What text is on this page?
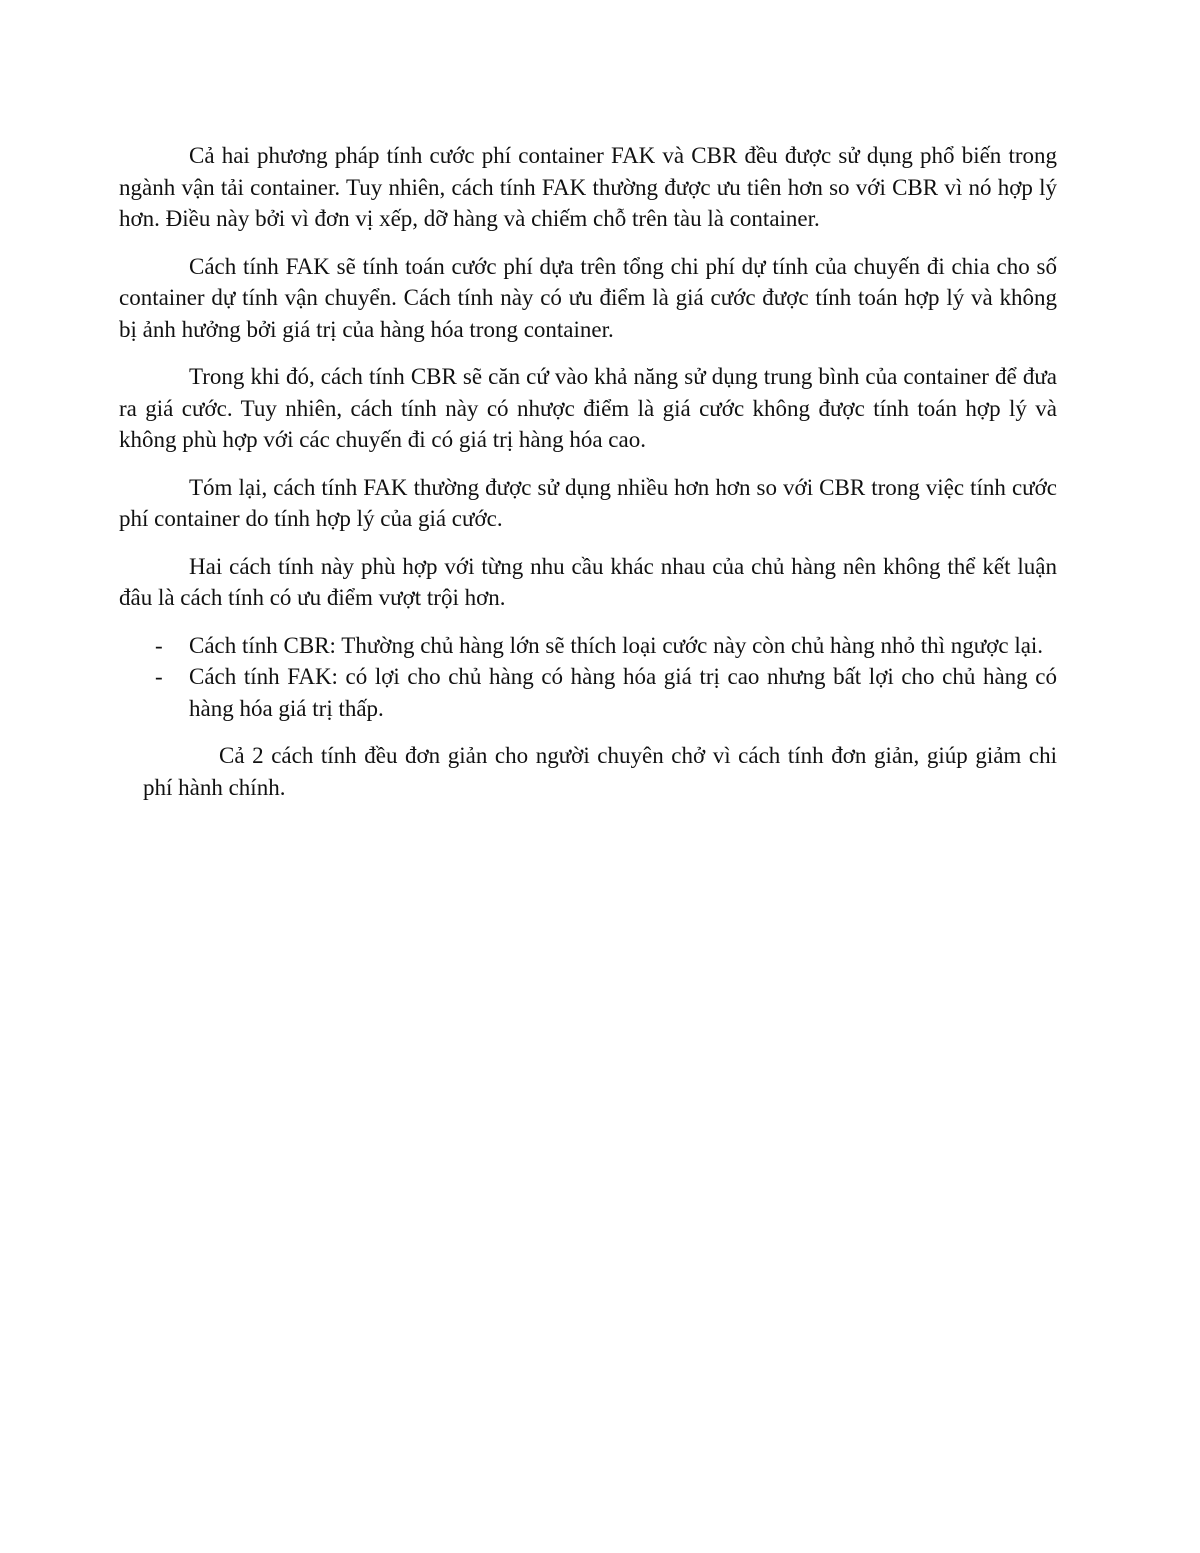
Cả hai phương pháp tính cước phí container FAK và CBR đều được sử dụng phổ biến trong ngành vận tải container. Tuy nhiên, cách tính FAK thường được ưu tiên hơn so với CBR vì nó hợp lý hơn. Điều này bởi vì đơn vị xếp, dỡ hàng và chiếm chỗ trên tàu là container.

Cách tính FAK sẽ tính toán cước phí dựa trên tổng chi phí dự tính của chuyến đi chia cho số container dự tính vận chuyển. Cách tính này có ưu điểm là giá cước được tính toán hợp lý và không bị ảnh hưởng bởi giá trị của hàng hóa trong container.

Trong khi đó, cách tính CBR sẽ căn cứ vào khả năng sử dụng trung bình của container để đưa ra giá cước. Tuy nhiên, cách tính này có nhược điểm là giá cước không được tính toán hợp lý và không phù hợp với các chuyến đi có giá trị hàng hóa cao.

Tóm lại, cách tính FAK thường được sử dụng nhiều hơn hơn so với CBR trong việc tính cước phí container do tính hợp lý của giá cước.

Hai cách tính này phù hợp với từng nhu cầu khác nhau của chủ hàng nên không thể kết luận đâu là cách tính có ưu điểm vượt trội hơn.

- Cách tính CBR: Thường chủ hàng lớn sẽ thích loại cước này còn chủ hàng nhỏ thì ngược lại.
- Cách tính FAK: có lợi cho chủ hàng có hàng hóa giá trị cao nhưng bất lợi cho chủ hàng có hàng hóa giá trị thấp.

Cả 2 cách tính đều đơn giản cho người chuyên chở vì cách tính đơn giản, giúp giảm chi phí hành chính.
